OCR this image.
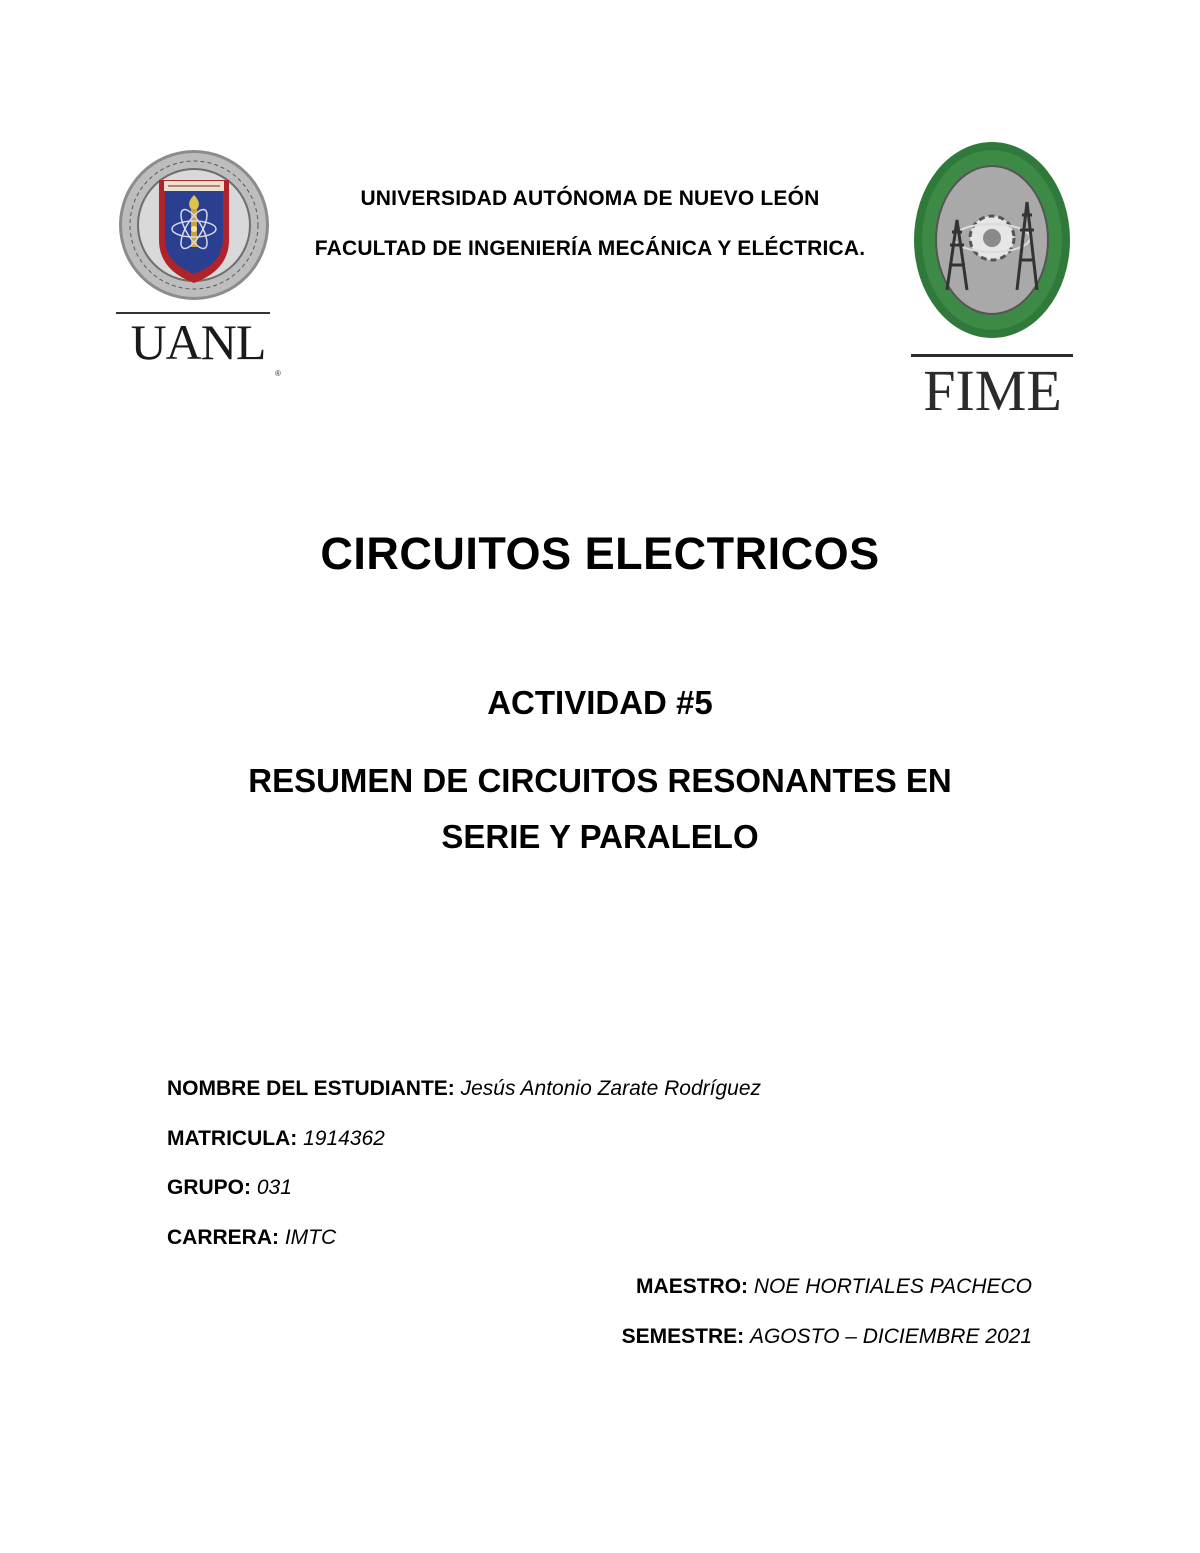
UANL
®
UNIVERSIDAD AUTÓNOMA DE NUEVO LEÓN
FACULTAD DE INGENIERÍA MECÁNICA Y ELÉCTRICA.
FIME
CIRCUITOS ELECTRICOS
ACTIVIDAD #5
RESUMEN DE CIRCUITOS RESONANTES EN
SERIE Y PARALELO
NOMBRE DEL ESTUDIANTE: Jesús Antonio Zarate Rodríguez
MATRICULA: 1914362
GRUPO: 031
CARRERA: IMTC
MAESTRO: NOE HORTIALES PACHECO
SEMESTRE: AGOSTO – DICIEMBRE 2021
